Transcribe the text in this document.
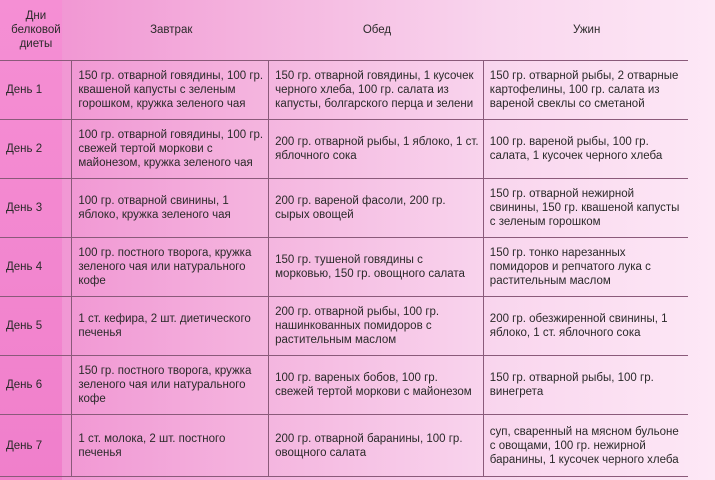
Дни
белковой
диеты	Завтрак	Обед	Ужин
День 1	150 гр. отварной говядины, 100 гр. квашеной капусты с зеленым горошком, кружка зеленого чая	150 гр. отварной говядины, 1 кусочек черного хлеба, 100 гр. салата из капусты, болгарского перца и зелени	150 гр. отварной рыбы, 2 отварные картофелины, 100 гр. салата из вареной свеклы со сметаной
День 2	100 гр. отварной говядины, 100 гр. свежей тертой моркови с майонезом, кружка зеленого чая	200 гр. отварной рыбы, 1 яблоко, 1 ст. яблочного сока	100 гр. вареной рыбы, 100 гр. салата, 1 кусочек черного хлеба
День 3	100 гр. отварной свинины, 1 яблоко, кружка зеленого чая	200 гр. вареной фасоли, 200 гр. сырых овощей	150 гр. отварной нежирной свинины, 150 гр. квашеной капусты с зеленым горошком
День 4	100 гр. постного творога, кружка зеленого чая или натурального кофе	150 гр. тушеной говядины с морковью, 150 гр. овощного салата	150 гр. тонко нарезанных помидоров и репчатого лука с растительным маслом
День 5	1 ст. кефира, 2 шт. диетического печенья	200 гр. отварной рыбы, 100 гр. нашинкованных помидоров с растительным маслом	200 гр. обезжиренной свинины, 1 яблоко, 1 ст. яблочного сока
День 6	150 гр. постного творога, кружка зеленого чая или натурального кофе	100 гр. вареных бобов, 100 гр. свежей тертой моркови с майонезом	150 гр. отварной рыбы, 100 гр. винегрета
День 7	1 ст. молока, 2 шт. постного печенья	200 гр. отварной баранины, 100 гр. овощного салата	суп, сваренный на мясном бульоне с овощами, 100 гр. нежирной баранины, 1 кусочек черного хлеба
